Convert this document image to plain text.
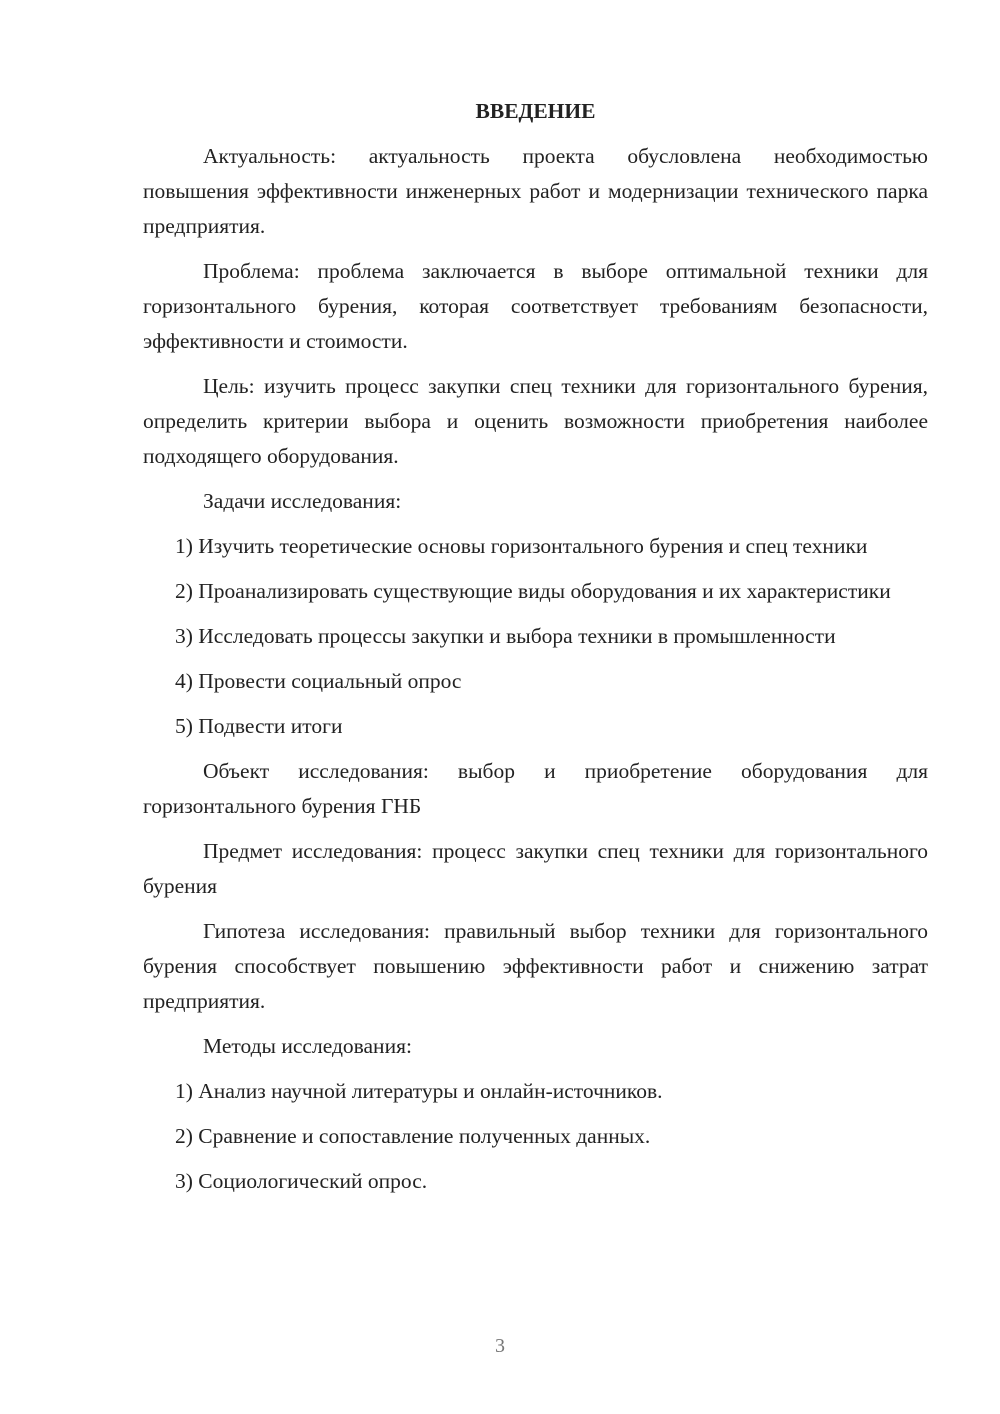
ВВЕДЕНИЕ

Актуальность: актуальность проекта обусловлена необходимостью повышения эффективности инженерных работ и модернизации технического парка предприятия.

Проблема: проблема заключается в выборе оптимальной техники для горизонтального бурения, которая соответствует требованиям безопасности, эффективности и стоимости.

Цель: изучить процесс закупки спец техники для горизонтального бурения, определить критерии выбора и оценить возможности приобретения наиболее подходящего оборудования.

Задачи исследования:

1) Изучить теоретические основы горизонтального бурения и спец техники

2) Проанализировать существующие виды оборудования и их характеристики

3) Исследовать процессы закупки и выбора техники в промышленности

4) Провести социальный опрос

5) Подвести итоги

Объект исследования: выбор и приобретение оборудования для горизонтального бурения ГНБ

Предмет исследования: процесс закупки спец техники для горизонтального бурения

Гипотеза исследования: правильный выбор техники для горизонтального бурения способствует повышению эффективности работ и снижению затрат предприятия.

Методы исследования:

1) Анализ научной литературы и онлайн-источников.

2) Сравнение и сопоставление полученных данных.

3) Социологический опрос.

3
